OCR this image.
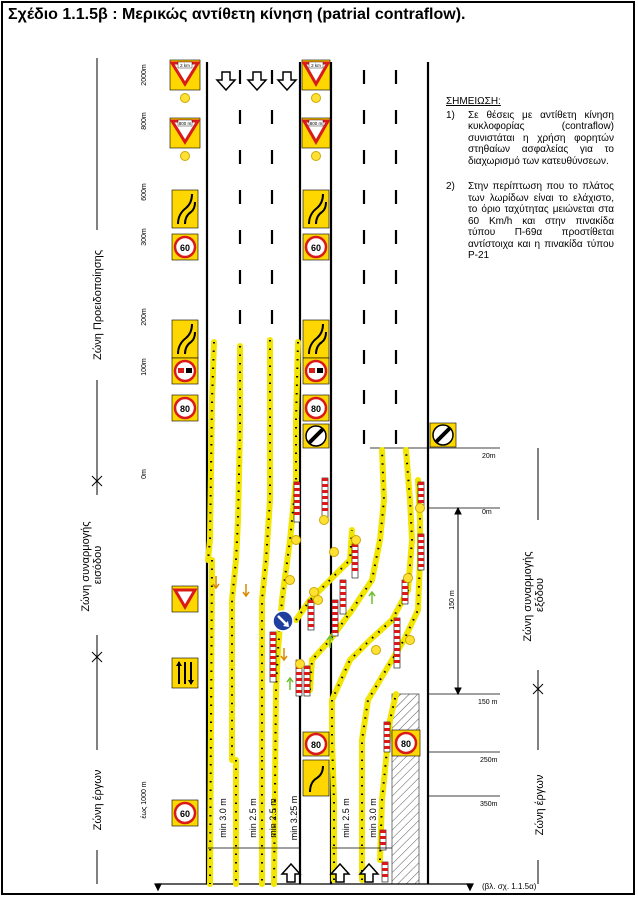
Σχέδιο 1.1.5β : Μερικώς αντίθετη κίνηση (patrial contraflow).
2 km
800 m
60
80
60
2 km
800 m
60
80
80	80
2000m
800m
600m
300m
200m
100m
0m
έως 1000 m
20m
0m
150 m
250m
350m
150 m
Ζώνη Προειδοποίησης
Ζώνη συναρμογής εισόδου
Ζώνη έργων
Ζώνη συναρμογής εξόδου
Ζώνη έργων
min 3.0 m min 2.5 m min 2.5 m min 3.25 m	min 2.5 m min 3.0 m
(βλ. σχ. 1.1.5α)
ΣΗΜΕΙΩΣΗ:
1)	Σε θέσεις με αντίθετη κίνηση κυκλοφορίας (contraflow) συνιστάται η χρήση φορητών στηθαίων ασφαλείας για το διαχωρισμό των κατευθύνσεων.
2)	Στην περίπτωση που το πλάτος των λωρίδων είναι το ελάχιστο, το όριο ταχύτητας μειώνεται στα 60 Km/h και στην πινακίδα τύπου Π-69α προστίθεται αντίστοιχα και η πινακίδα τύπου Ρ-21
